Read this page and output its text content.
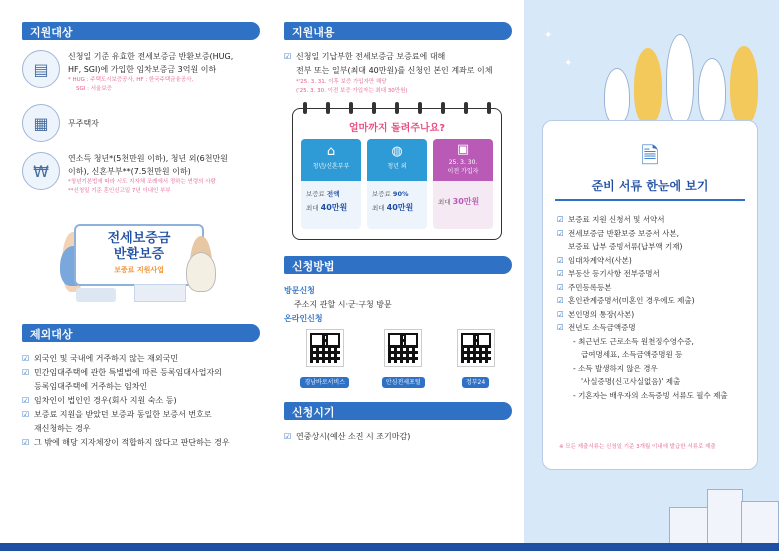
지원대상
▤
신청일 기준 유효한 전세보증금 반환보증(HUG,
HF, SGI)에 가입한 임차보증금 3억원 이하
* HUG : 주택도시보증공사, HF : 한국주택금융공사,
SGI : 서울보증
▦	무주택자
₩
연소득 청년*(5천만원 이하), 청년 외(6천만원
이하), 신혼부부**(7.5천만원 이하)
*청년기본법에 따라 시도 지자체 조례에서 정하는 연령의 사람
**신청일 기준 혼인신고일 7년 이내인 부부
전세보증금
반환보증
보증료 지원사업
제외대상
☑ 외국인 및 국내에 거주하지 않는 재외국민
☑ 민간임대주택에 관한 특별법에 따른 등록임대사업자의
등록임대주택에 거주하는 임차인
☑ 임차인이 법인인 경우(회사 지원 숙소 등)
☑ 보증료 지원을 받았던 보증과 동일한 보증서 번호로
재신청하는 경우
☑ 그 밖에 해당 지자체장이 적합하지 않다고 판단하는 경우
지원내용
☑ 신청일 기납부한 전세보증금 보증료에 대해
전부 또는 일부(최대 40만원)를 신청인 본인 계좌로 이체
*'25. 3. 31. 이후 보증 가입자만 해당
('25. 3. 30. 이전 보증 가입자는 최대 30만원)
얼마까지 돌려주나요?
⌂
청년/신혼부부
보증료 전액
최대 40만원
◍
청년 외
보증료 90%
최대 40만원
▣
25. 3. 30.
이전 가입자
최대 30만원
신청방법
방문신청
주소지 관할 시·군·구청 방문
온라인신청
경남바로서비스	안심전세포털	정부24
신청시기
☑ 연중상시(예산 소진 시 조기마감)
✦
✦
🗎
준비 서류 한눈에 보기
☑ 보증료 지원 신청서 및 서약서
☑ 전세보증금 반환보증 보증서 사본,
보증료 납부 증빙서류(납부액 기재)
☑ 임대차계약서(사본)
☑ 부동산 등기사항 전부증명서
☑ 주민등록등본
☑ 혼인관계증명서(미혼인 경우에도 제출)
☑ 본인명의 통장(사본)
☑ 전년도 소득금액증명
- 최근년도 근로소득 원천징수영수증,
급여명세표, 소득금액증명원 등
- 소득 발생하지 않은 경우
'사실증명(신고사실없음)' 제출
- 기혼자는 배우자의 소득증빙 서류도 필수 제출
※ 모든 제출서류는 신청일 기준 3개월 이내에 발급한 서류로 제출
